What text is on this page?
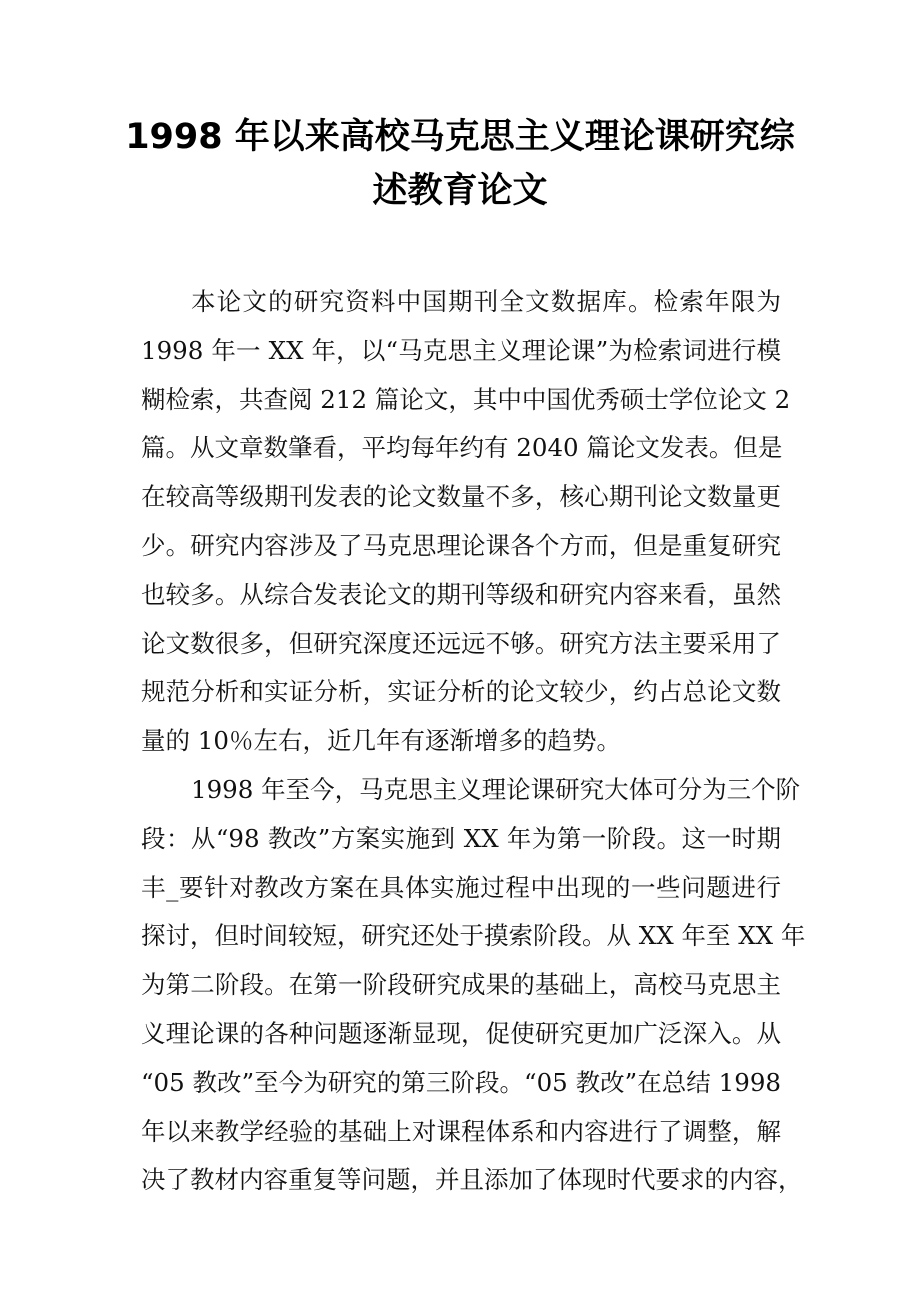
1998 年以来高校马克思主义理论课研究综
述教育论文
本论文的研究资料中国期刊全文数据库。检索年限为
1998 年一 XX 年，以“马克思主义理论课”为检索词进行模
糊检索，共查阅 212 篇论文，其中中国优秀硕士学位论文 2
篇。从文章数肇看，平均每年约有 2040 篇论文发表。但是
在较高等级期刊发表的论文数量不多，核心期刊论文数量更
少。研究内容涉及了马克思理论课各个方而，但是重复研究
也较多。从综合发表论文的期刊等级和研究内容来看，虽然
论文数很多，但研究深度还远远不够。研究方法主要采用了
规范分析和实证分析，实证分析的论文较少，约占总论文数
量的 10％左右，近几年有逐渐增多的趋势。
1998 年至今，马克思主义理论课研究大体可分为三个阶
段：从“98 教改”方案实施到 XX 年为第一阶段。这一时期
丰_要针对教改方案在具体实施过程中出现的一些问题进行
探讨，但时间较短，研究还处于摸索阶段。从 XX 年至 XX 年
为第二阶段。在第一阶段研究成果的基础上，高校马克思主
义理论课的各种问题逐渐显现，促使研究更加广泛深入。从
“05 教改”至今为研究的第三阶段。“05 教改”在总结 1998
年以来教学经验的基础上对课程体系和内容进行了调整，解
决了教材内容重复等问题，并且添加了体现时代要求的内容，
